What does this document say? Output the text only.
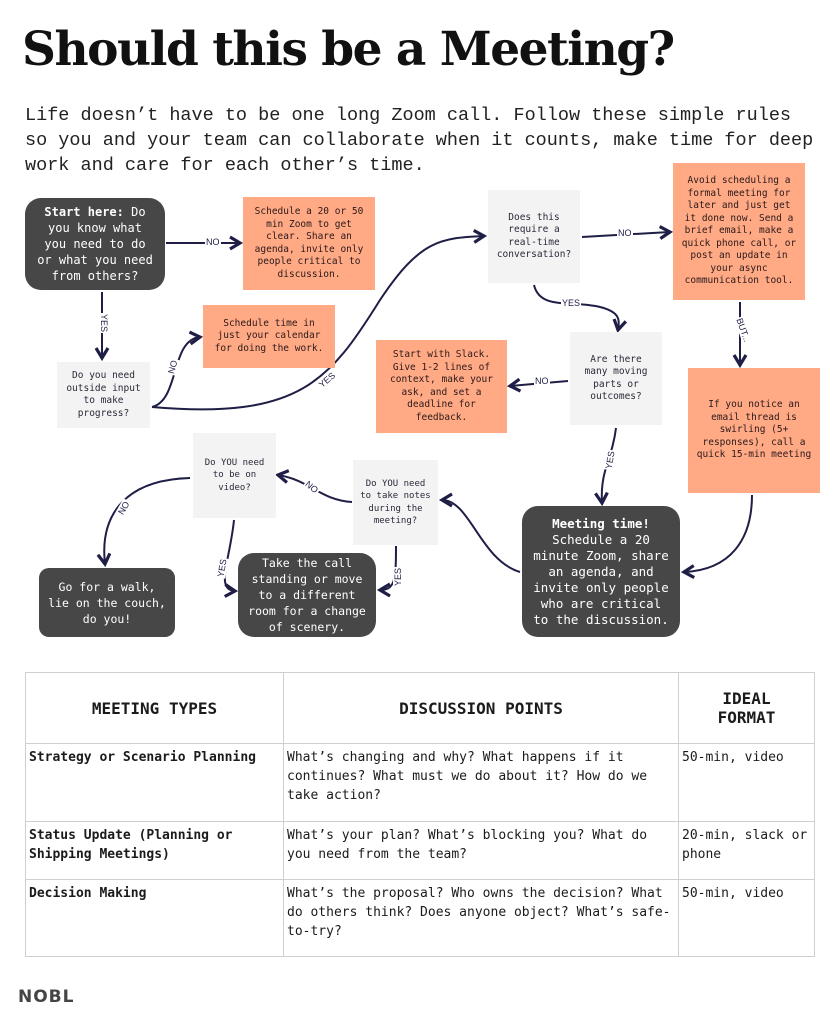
Should this be a Meeting?
Life doesn’t have to be one long Zoom call. Follow these simple rules so you and your team can collaborate when it counts, make time for deep work and care for each other’s time.
NO
YES
NO
YES
NO
YES
BUT...
NO
YES
NO
YES
NO
YES
Start here: Do you know what you need to do or what you need from others?
Schedule a 20 or 50 min Zoom to get clear. Share an agenda, invite only people critical to discussion.
Do you need outside input to make progress?
Schedule time in just your calendar for doing the work.
Does this require a real-time conversation?
Avoid scheduling a formal meeting for later and just get it done now. Send a brief email, make a quick phone call, or post an update in your async communication tool.
Are there many moving parts or outcomes?
Start with Slack. Give 1-2 lines of context, make your ask, and set a deadline for feedback.
If you notice an email thread is swirling (5+ responses), call a quick 15-min meeting
Meeting time!
Schedule a 20 minute Zoom, share an agenda, and invite only people who are critical to the discussion.
Do YOU need to take notes during the meeting?
Do YOU need to be on video?
Take the call standing or move to a different room for a change of scenery.
Go for a walk, lie on the couch, do you!
MEETING TYPES	DISCUSSION POINTS	IDEAL FORMAT
Strategy or Scenario Planning	What’s changing and why? What happens if it continues? What must we do about it? How do we take action?	50-min, video
Status Update (Planning or Shipping Meetings)	What’s your plan? What’s blocking you? What do you need from the team?	20-min, slack or phone
Decision Making	What’s the proposal? Who owns the decision? What do others think? Does anyone object? What’s safe-to-try?	50-min, video
NOBL
